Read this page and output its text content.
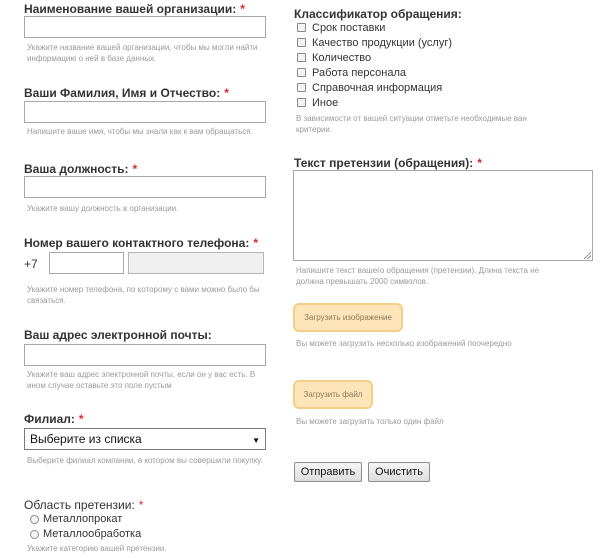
Наименование вашей организации: *
Укажите название вашей организации, чтобы мы могли найти информацию о ней в базе данных.
Ваши Фамилия, Имя и Отчество: *
Напишите ваше имя, чтобы мы знали как к вам обращаться.
Ваша должность: *
Укажите вашу должность в организации.
Номер вашего контактного телефона: *
+7
Укажите номер телефона, по которому с вами можно было бы связаться.
Ваш адрес электронной почты:
Укажите ваш адрес электронной почты, если он у вас есть. В ином случае оставьте это поле пустым
Филиал: *
Выберите из списка	▼
Выберите филиал компании, в котором вы совершили покупку.
Область претензии: *
Металлопрокат
Металлообработка
Укажите категорию вашей претензии.
Классификатор обращения:
Срок поставки
Качество продукции (услуг)
Количество
Работа персонала
Справочная информация
Иное
В зависимости от вашей ситуации отметьте необходимые ван критерии.
Текст претензии (обращения): *
Напишите текст вашего обращения (претензии). Длина текста не должна превышать 2000 символов.
Загрузить изображение
Вы можете загрузить несколько изображений поочередно
Загрузить файл
Вы можете загрузить только один файл
Отправить	Очистить
